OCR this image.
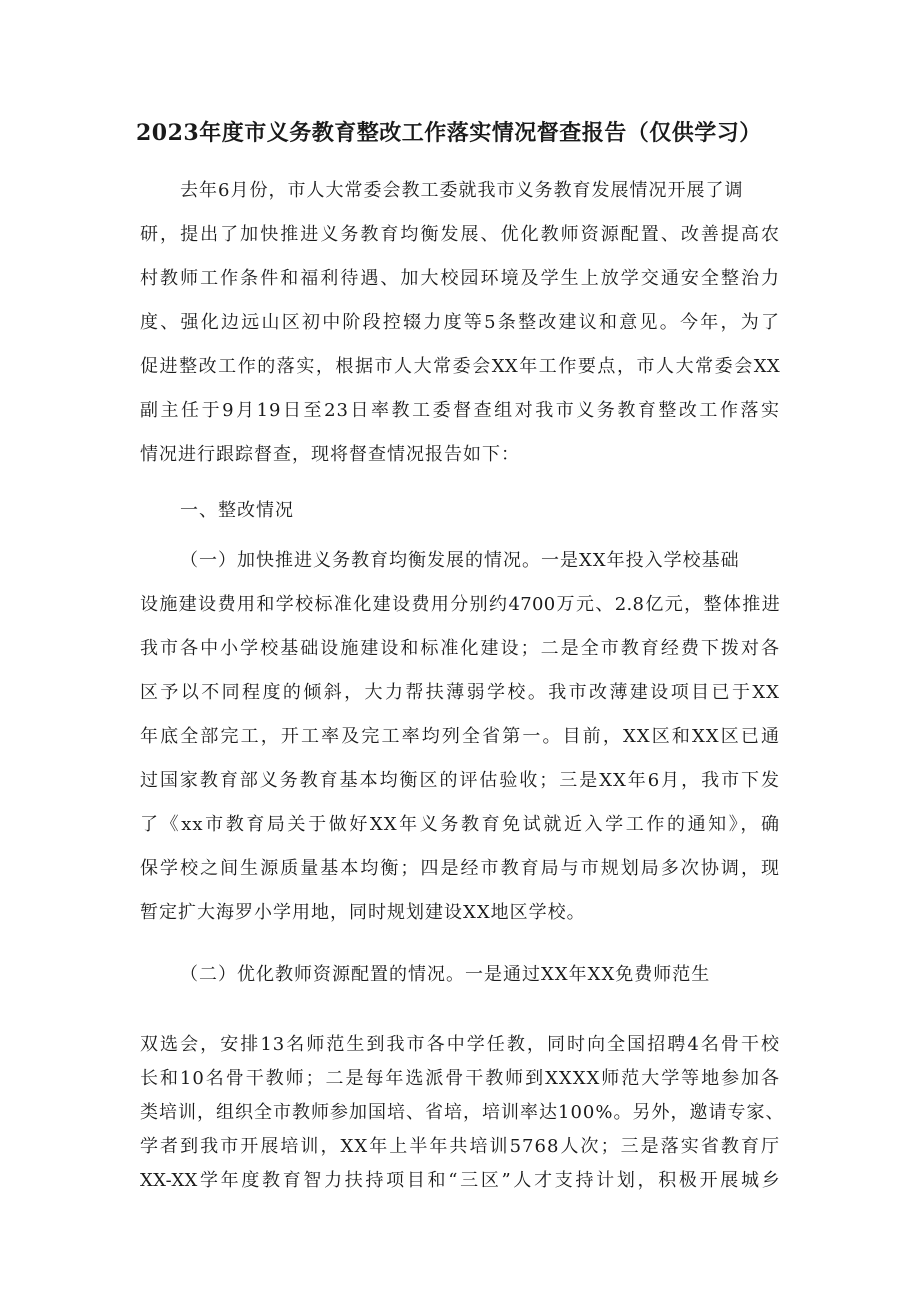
2023年度市义务教育整改工作落实情况督查报告（仅供学习）
去年6月份，市人大常委会教工委就我市义务教育发展情况开展了调
研，提出了加快推进义务教育均衡发展、优化教师资源配置、改善提高农
村教师工作条件和福利待遇、加大校园环境及学生上放学交通安全整治力
度、强化边远山区初中阶段控辍力度等5条整改建议和意见。今年，为了
促进整改工作的落实，根据市人大常委会XX年工作要点，市人大常委会XX
副主任于9月19日至23日率教工委督查组对我市义务教育整改工作落实
情况进行跟踪督查，现将督查情况报告如下：
一、整改情况
（一）加快推进义务教育均衡发展的情况。一是XX年投入学校基础
设施建设费用和学校标准化建设费用分别约4700万元、2.8亿元，整体推进
我市各中小学校基础设施建设和标准化建设；二是全市教育经费下拨对各
区予以不同程度的倾斜，大力帮扶薄弱学校。我市改薄建设项目已于XX
年底全部完工，开工率及完工率均列全省第一。目前，XX区和XX区已通
过国家教育部义务教育基本均衡区的评估验收；三是XX年6月，我市下发
了《xx市教育局关于做好XX年义务教育免试就近入学工作的通知》，确
保学校之间生源质量基本均衡；四是经市教育局与市规划局多次协调，现
暂定扩大海罗小学用地，同时规划建设XX地区学校。
（二）优化教师资源配置的情况。一是通过XX年XX免费师范生
双选会，安排13名师范生到我市各中学任教，同时向全国招聘4名骨干校
长和10名骨干教师；二是每年选派骨干教师到XXXX师范大学等地参加各
类培训，组织全市教师参加国培、省培，培训率达100%。另外，邀请专家、
学者到我市开展培训，XX年上半年共培训5768人次；三是落实省教育厅
XX-XX学年度教育智力扶持项目和“三区”人才支持计划，积极开展城乡
